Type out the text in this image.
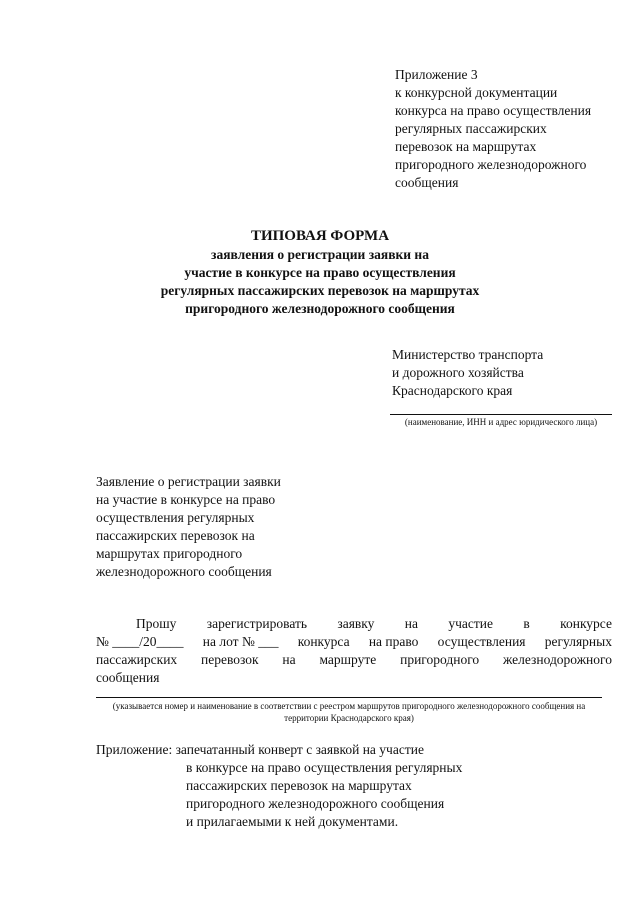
Приложение 3
к конкурсной документации
конкурса на право осуществления
регулярных пассажирских
перевозок на маршрутах
пригородного железнодорожного
сообщения
ТИПОВАЯ ФОРМА
заявления о регистрации заявки на
участие в конкурсе на право осуществления
регулярных пассажирских перевозок на маршрутах
пригородного железнодорожного сообщения
Министерство транспорта
и дорожного хозяйства
Краснодарского края
(наименование, ИНН и адрес юридического лица)
Заявление о регистрации заявки
на участие в конкурсе на право
осуществления регулярных
пассажирских перевозок на
маршрутах пригородного
железнодорожного сообщения
Прошу зарегистрировать заявку на участие в конкурсе
№ ____/20____ на лот № ___ конкурса на право осуществления регулярных
пассажирских перевозок на маршруте пригородного железнодорожного
сообщения
(указывается номер и наименование в соответствии с реестром маршрутов пригородного железнодорожного сообщения на территории Краснодарского края)
Приложение: запечатанный конверт с заявкой на участие
в конкурсе на право осуществления регулярных
пассажирских перевозок на маршрутах
пригородного железнодорожного сообщения
и прилагаемыми к ней документами.
